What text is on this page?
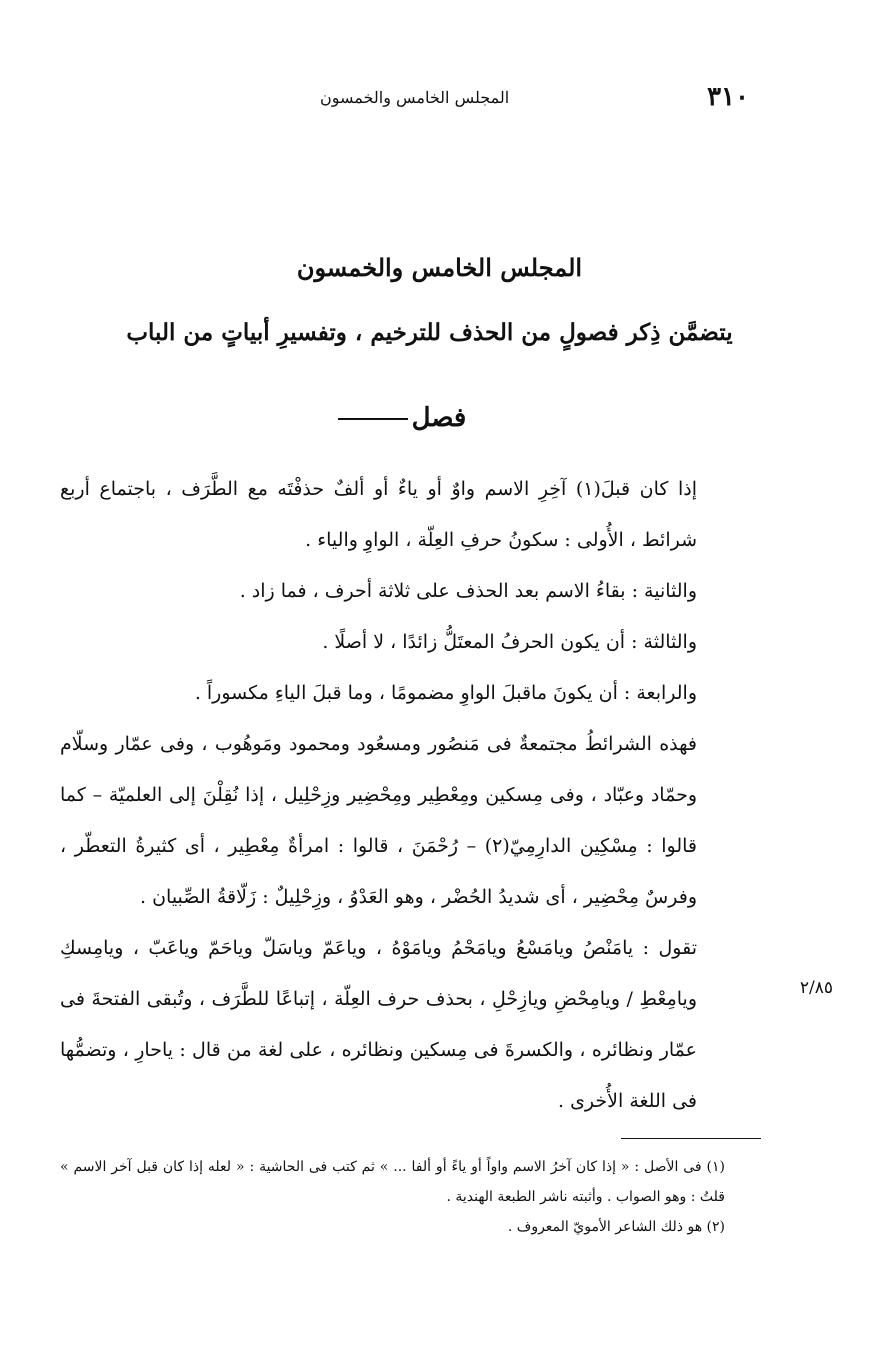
٣١٠
المجلس الخامس والخمسون
المجلس الخامس والخمسون
يتضمَّن ذِكر فصولٍ من الحذف للترخيم ، وتفسيرِ أبياتٍ من الباب
فصل

إذا كان قبلَ(١) آخِرِ الاسم واوٌ أو ياءٌ أو ألفٌ حذفْتَه مع الطَّرَف ، باجتماع أربع شرائط ، الأُولى : سكونُ حرفِ العِلّة ، الواوِ والياء .

والثانية : بقاءُ الاسم بعد الحذف على ثلاثة أحرف ، فما زاد .

والثالثة : أن يكون الحرفُ المعتَلُّ زائدًا ، لا أصلًا .

والرابعة : أن يكونَ ماقبلَ الواوِ مضمومًا ، وما قبلَ الياءِ مكسوراً .

فهذه الشرائطُ مجتمعةٌ فى مَنصُور ومسعُود ومحمود ومَوهُوب ، وفى عمّار وسلّام وحمّاد وعبّاد ، وفى مِسكين ومِعْطِير ومِحْضِير وزِحْلِيل ، إذا نُقِلْنَ إلى العلميّة – كما قالوا : مِسْكِين الدارِمِيّ(٢) – رُحْمَنَ ، قالوا : امرأةٌ مِعْطِير ، أى كثيرةُ التعطّر ، وفرسٌ مِحْضِير ، أى شديدُ الحُضْر ، وهو العَدْوُ ، وزِحْلِيلٌ : زَلّاقةُ الصِّبيان .

تقول : يامَنْصُ ويامَسْعُ ويامَحْمُ ويامَوْهُ ، وياعَمّ وياسَلّ وياحَمّ وياعَبّ ، ويامِسكِ ويامِعْطِ / ويامِحْضِ ويازِحْلِ ، بحذف حرف العِلّة ، إتباعًا للطَّرَف ، وتُبقى الفتحةَ فى عمّار ونظائره ، والكسرةَ فى مِسكين ونظائره ، على لغة من قال : ياحارِ ، وتضمُّها فى اللغة الأُخرى .

٢/٨٥

(١) فى الأصل : « إذا كان آخرُ الاسم واواً أو ياءً أو ألفا ... » ثم كتب فى الحاشية : « لعله إذا كان قبل آخر الاسم » قلتُ : وهو الصواب . وأثبته ناشر الطبعة الهندية .

(٢) هو ذلك الشاعر الأمويّ المعروف .
